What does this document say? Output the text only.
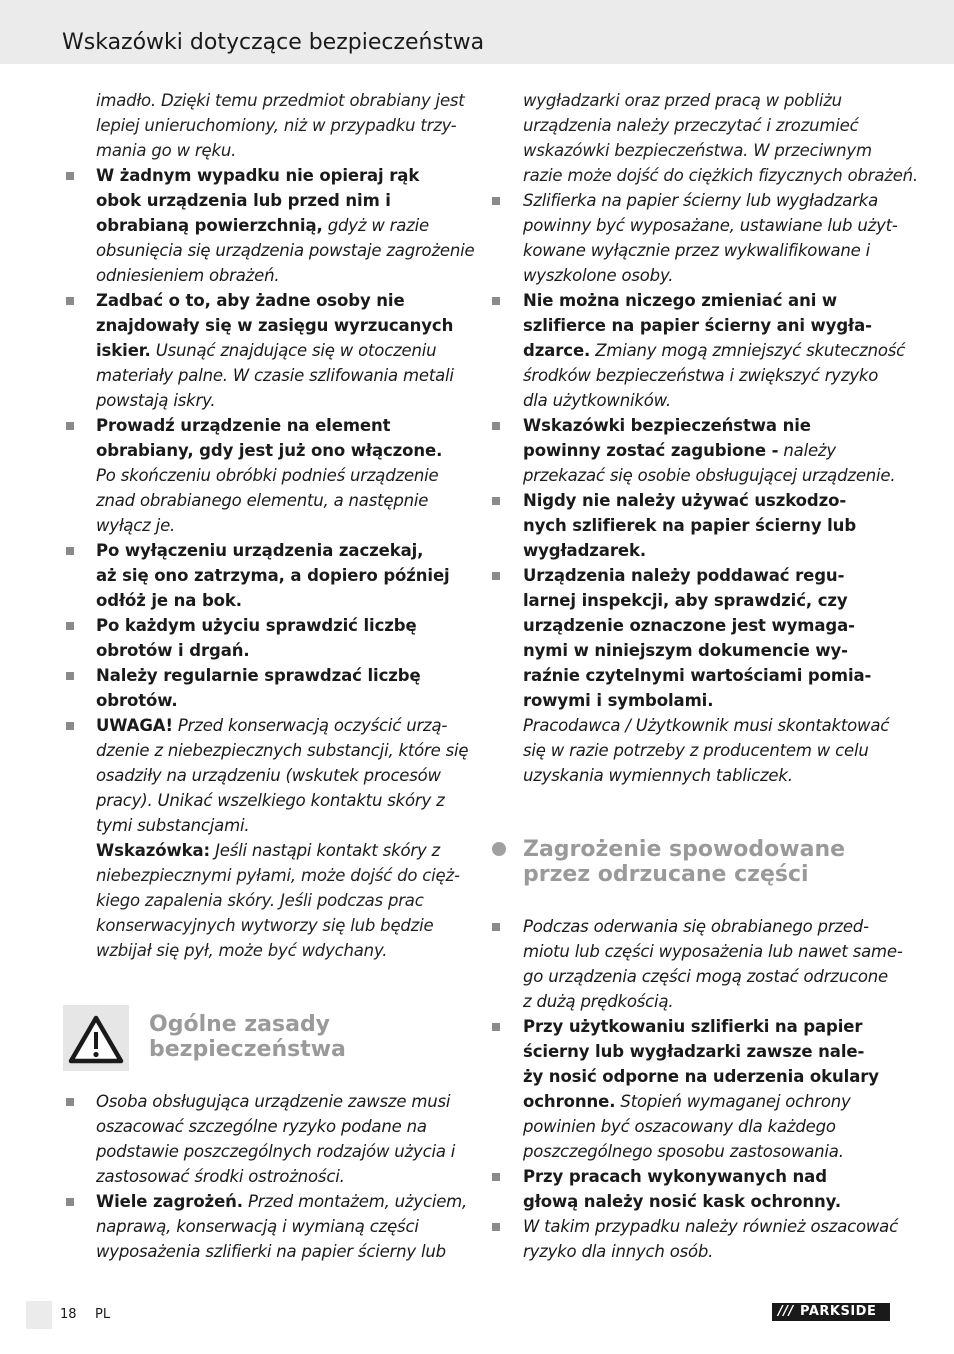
Wskazówki dotyczące bezpieczeństwa
imadło. Dzięki temu przedmiot obrabiany jest
lepiej unieruchomiony, niż w przypadku trzy-
mania go w ręku.
W żadnym wypadku nie opieraj rąk
obok urządzenia lub przed nim i
obrabianą powierzchnią, gdyż w razie
obsunięcia się urządzenia powstaje zagrożenie
odniesieniem obrażeń.
Zadbać o to, aby żadne osoby nie
znajdowały się w zasięgu wyrzucanych
iskier. Usunąć znajdujące się w otoczeniu
materiały palne. W czasie szlifowania metali
powstają iskry.
Prowadź urządzenie na element
obrabiany, gdy jest już ono włączone.
Po skończeniu obróbki podnieś urządzenie
znad obrabianego elementu, a następnie
wyłącz je.
Po wyłączeniu urządzenia zaczekaj,
aż się ono zatrzyma, a dopiero później
odłóż je na bok.
Po każdym użyciu sprawdzić liczbę
obrotów i drgań.
Należy regularnie sprawdzać liczbę
obrotów.
UWAGA! Przed konserwacją oczyścić urzą-
dzenie z niebezpiecznych substancji, które się
osadziły na urządzeniu (wskutek procesów
pracy). Unikać wszelkiego kontaktu skóry z
tymi substancjami.
Wskazówka: Jeśli nastąpi kontakt skóry z
niebezpiecznymi pyłami, może dojść do cięż-
kiego zapalenia skóry. Jeśli podczas prac
konserwacyjnych wytworzy się lub będzie
wzbijał się pył, może być wdychany.
Ogólne zasady
bezpieczeństwa
Osoba obsługująca urządzenie zawsze musi
oszacować szczególne ryzyko podane na
podstawie poszczególnych rodzajów użycia i
zastosować środki ostrożności.
Wiele zagrożeń. Przed montażem, użyciem,
naprawą, konserwacją i wymianą części
wyposażenia szlifierki na papier ścierny lub
wygładzarki oraz przed pracą w pobliżu
urządzenia należy przeczytać i zrozumieć
wskazówki bezpieczeństwa. W przeciwnym
razie może dojść do ciężkich fizycznych obrażeń.
Szlifierka na papier ścierny lub wygładzarka
powinny być wyposażane, ustawiane lub użyt-
kowane wyłącznie przez wykwalifikowane i
wyszkolone osoby.
Nie można niczego zmieniać ani w
szlifierce na papier ścierny ani wygła-
dzarce. Zmiany mogą zmniejszyć skuteczność
środków bezpieczeństwa i zwiększyć ryzyko
dla użytkowników.
Wskazówki bezpieczeństwa nie
powinny zostać zagubione - należy
przekazać się osobie obsługującej urządzenie.
Nigdy nie należy używać uszkodzo-
nych szlifierek na papier ścierny lub
wygładzarek.
Urządzenia należy poddawać regu-
larnej inspekcji, aby sprawdzić, czy
urządzenie oznaczone jest wymaga-
nymi w niniejszym dokumencie wy-
raźnie czytelnymi wartościami pomia-
rowymi i symbolami.
Pracodawca / Użytkownik musi skontaktować
się w razie potrzeby z producentem w celu
uzyskania wymiennych tabliczek.
Zagrożenie spowodowane
przez odrzucane części
Podczas oderwania się obrabianego przed-
miotu lub części wyposażenia lub nawet same-
go urządzenia części mogą zostać odrzucone
z dużą prędkością.
Przy użytkowaniu szlifierki na papier
ścierny lub wygładzarki zawsze nale-
ży nosić odporne na uderzenia okulary
ochronne. Stopień wymaganej ochrony
powinien być oszacowany dla każdego
poszczególnego sposobu zastosowania.
Przy pracach wykonywanych nad
głową należy nosić kask ochronny.
W takim przypadku należy również oszacować
ryzyko dla innych osób.
18 PL	/// PARKSIDE
